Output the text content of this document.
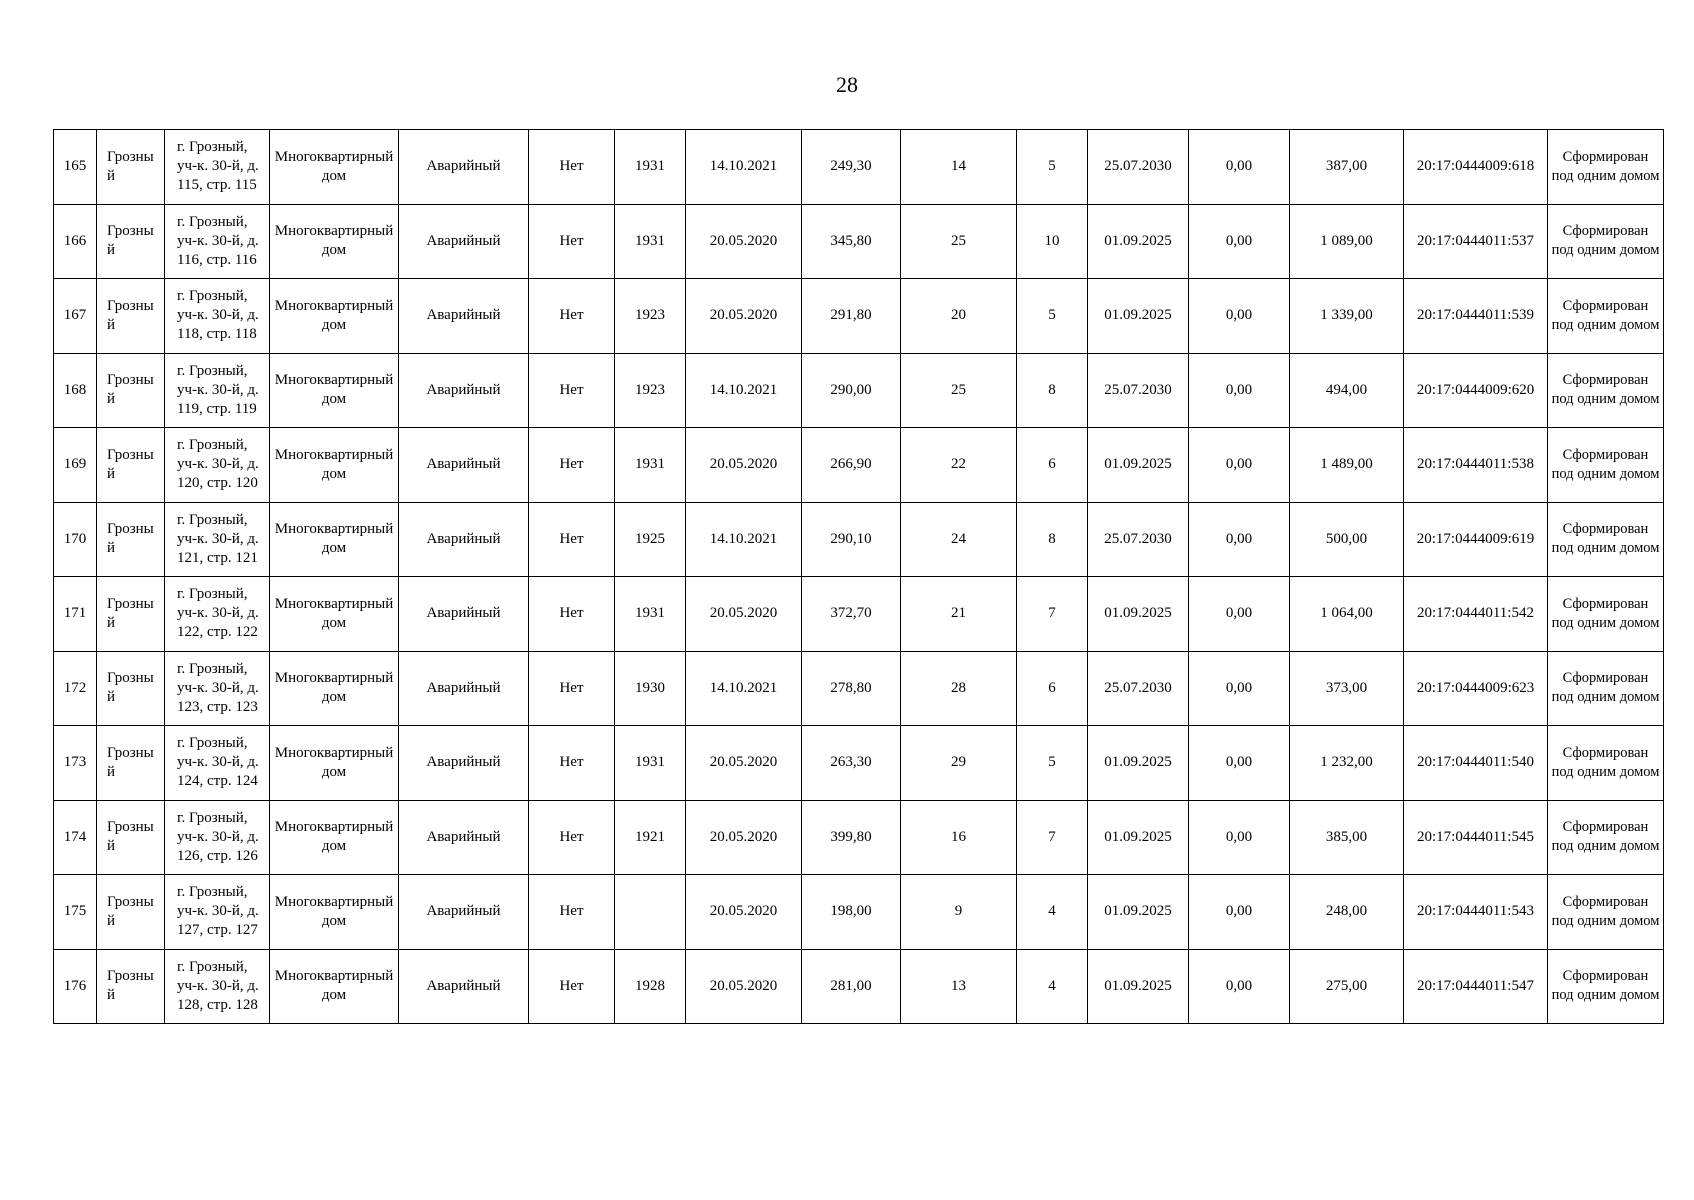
28
165	Грозный	г. Грозный, уч-к. 30-й, д. 115, стр. 115	Многоквартирный дом	Аварийный	Нет	1931	14.10.2021	249,30	14	5	25.07.2030	0,00	387,00	20:17:0444009:618	Сформирован под одним домом
166	Грозный	г. Грозный, уч-к. 30-й, д. 116, стр. 116	Многоквартирный дом	Аварийный	Нет	1931	20.05.2020	345,80	25	10	01.09.2025	0,00	1 089,00	20:17:0444011:537	Сформирован под одним домом
167	Грозный	г. Грозный, уч-к. 30-й, д. 118, стр. 118	Многоквартирный дом	Аварийный	Нет	1923	20.05.2020	291,80	20	5	01.09.2025	0,00	1 339,00	20:17:0444011:539	Сформирован под одним домом
168	Грозный	г. Грозный, уч-к. 30-й, д. 119, стр. 119	Многоквартирный дом	Аварийный	Нет	1923	14.10.2021	290,00	25	8	25.07.2030	0,00	494,00	20:17:0444009:620	Сформирован под одним домом
169	Грозный	г. Грозный, уч-к. 30-й, д. 120, стр. 120	Многоквартирный дом	Аварийный	Нет	1931	20.05.2020	266,90	22	6	01.09.2025	0,00	1 489,00	20:17:0444011:538	Сформирован под одним домом
170	Грозный	г. Грозный, уч-к. 30-й, д. 121, стр. 121	Многоквартирный дом	Аварийный	Нет	1925	14.10.2021	290,10	24	8	25.07.2030	0,00	500,00	20:17:0444009:619	Сформирован под одним домом
171	Грозный	г. Грозный, уч-к. 30-й, д. 122, стр. 122	Многоквартирный дом	Аварийный	Нет	1931	20.05.2020	372,70	21	7	01.09.2025	0,00	1 064,00	20:17:0444011:542	Сформирован под одним домом
172	Грозный	г. Грозный, уч-к. 30-й, д. 123, стр. 123	Многоквартирный дом	Аварийный	Нет	1930	14.10.2021	278,80	28	6	25.07.2030	0,00	373,00	20:17:0444009:623	Сформирован под одним домом
173	Грозный	г. Грозный, уч-к. 30-й, д. 124, стр. 124	Многоквартирный дом	Аварийный	Нет	1931	20.05.2020	263,30	29	5	01.09.2025	0,00	1 232,00	20:17:0444011:540	Сформирован под одним домом
174	Грозный	г. Грозный, уч-к. 30-й, д. 126, стр. 126	Многоквартирный дом	Аварийный	Нет	1921	20.05.2020	399,80	16	7	01.09.2025	0,00	385,00	20:17:0444011:545	Сформирован под одним домом
175	Грозный	г. Грозный, уч-к. 30-й, д. 127, стр. 127	Многоквартирный дом	Аварийный	Нет		20.05.2020	198,00	9	4	01.09.2025	0,00	248,00	20:17:0444011:543	Сформирован под одним домом
176	Грозный	г. Грозный, уч-к. 30-й, д. 128, стр. 128	Многоквартирный дом	Аварийный	Нет	1928	20.05.2020	281,00	13	4	01.09.2025	0,00	275,00	20:17:0444011:547	Сформирован под одним домом
